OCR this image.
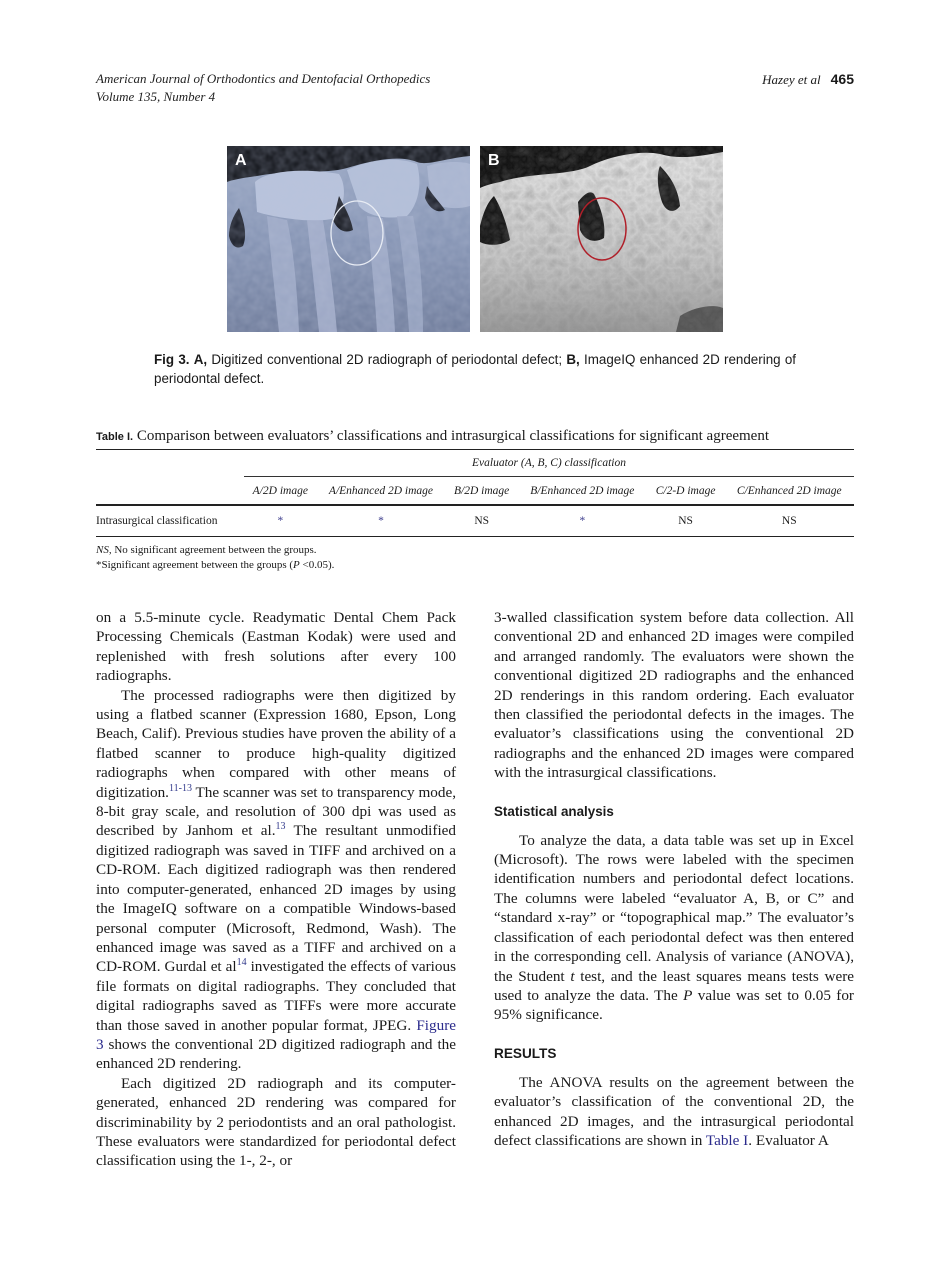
American Journal of Orthodontics and Dentofacial Orthopedics
Volume 135, Number 4
Hazey et al 465
A	B
Fig 3. A, Digitized conventional 2D radiograph of periodontal defect; B, ImageIQ enhanced 2D rendering of periodontal defect.
Table I. Comparison between evaluators’ classifications and intrasurgical classifications for significant agreement
Evaluator (A, B, C) classification
	A/2D image	A/Enhanced 2D image	B/2D image	B/Enhanced 2D image	C/2-D image	C/Enhanced 2D image
Intrasurgical classification	*	*	NS	*	NS	NS
NS, No significant agreement between the groups.
*Significant agreement between the groups (P <0.05).

on a 5.5-minute cycle. Readymatic Dental Chem Pack Processing Chemicals (Eastman Kodak) were used and replenished with fresh solutions after every 100 radiographs.

The processed radiographs were then digitized by using a flatbed scanner (Expression 1680, Epson, Long Beach, Calif). Previous studies have proven the ability of a flatbed scanner to produce high-quality digitized radiographs when compared with other means of digitization.$^{11-13}$ The scanner was set to transparency mode, 8-bit gray scale, and resolution of 300 dpi was used as described by Janhom et al.$^{13}$ The resultant unmodified digitized radiograph was saved in TIFF and archived on a CD-ROM. Each digitized radiograph was then rendered into computer-generated, enhanced 2D images by using the ImageIQ software on a compatible Windows-based personal computer (Microsoft, Redmond, Wash). The enhanced image was saved as a TIFF and archived on a CD-ROM. Gurdal et $al^{14}$ investigated the effects of various file formats on digital radiographs. They concluded that digital radiographs saved as TIFFs were more accurate than those saved in another popular format, JPEG. Figure 3 shows the conventional 2D digitized radiograph and the enhanced 2D rendering.

Each digitized 2D radiograph and its computer-generated, enhanced 2D rendering was compared for discriminability by 2 periodontists and an oral pathologist. These evaluators were standardized for periodontal defect classification using the 1-, 2-, or

3-walled classification system before data collection. All conventional 2D and enhanced 2D images were compiled and arranged randomly. The evaluators were shown the conventional digitized 2D radiographs and the enhanced 2D renderings in this random ordering. Each evaluator then classified the periodontal defects in the images. The evaluator’s classifications using the conventional 2D radiographs and the enhanced 2D images were compared with the intrasurgical classifications.

Statistical analysis

To analyze the data, a data table was set up in Excel (Microsoft). The rows were labeled with the specimen identification numbers and periodontal defect locations. The columns were labeled “evaluator A, B, or C” and “standard x-ray” or “topographical map.” The evaluator’s classification of each periodontal defect was then entered in the corresponding cell. Analysis of variance (ANOVA), the Student t test, and the least squares means tests were used to analyze the data. The P value was set to 0.05 for 95% significance.

RESULTS

The ANOVA results on the agreement between the evaluator’s classification of the conventional 2D, the enhanced 2D images, and the intrasurgical periodontal defect classifications are shown in Table I. Evaluator A
